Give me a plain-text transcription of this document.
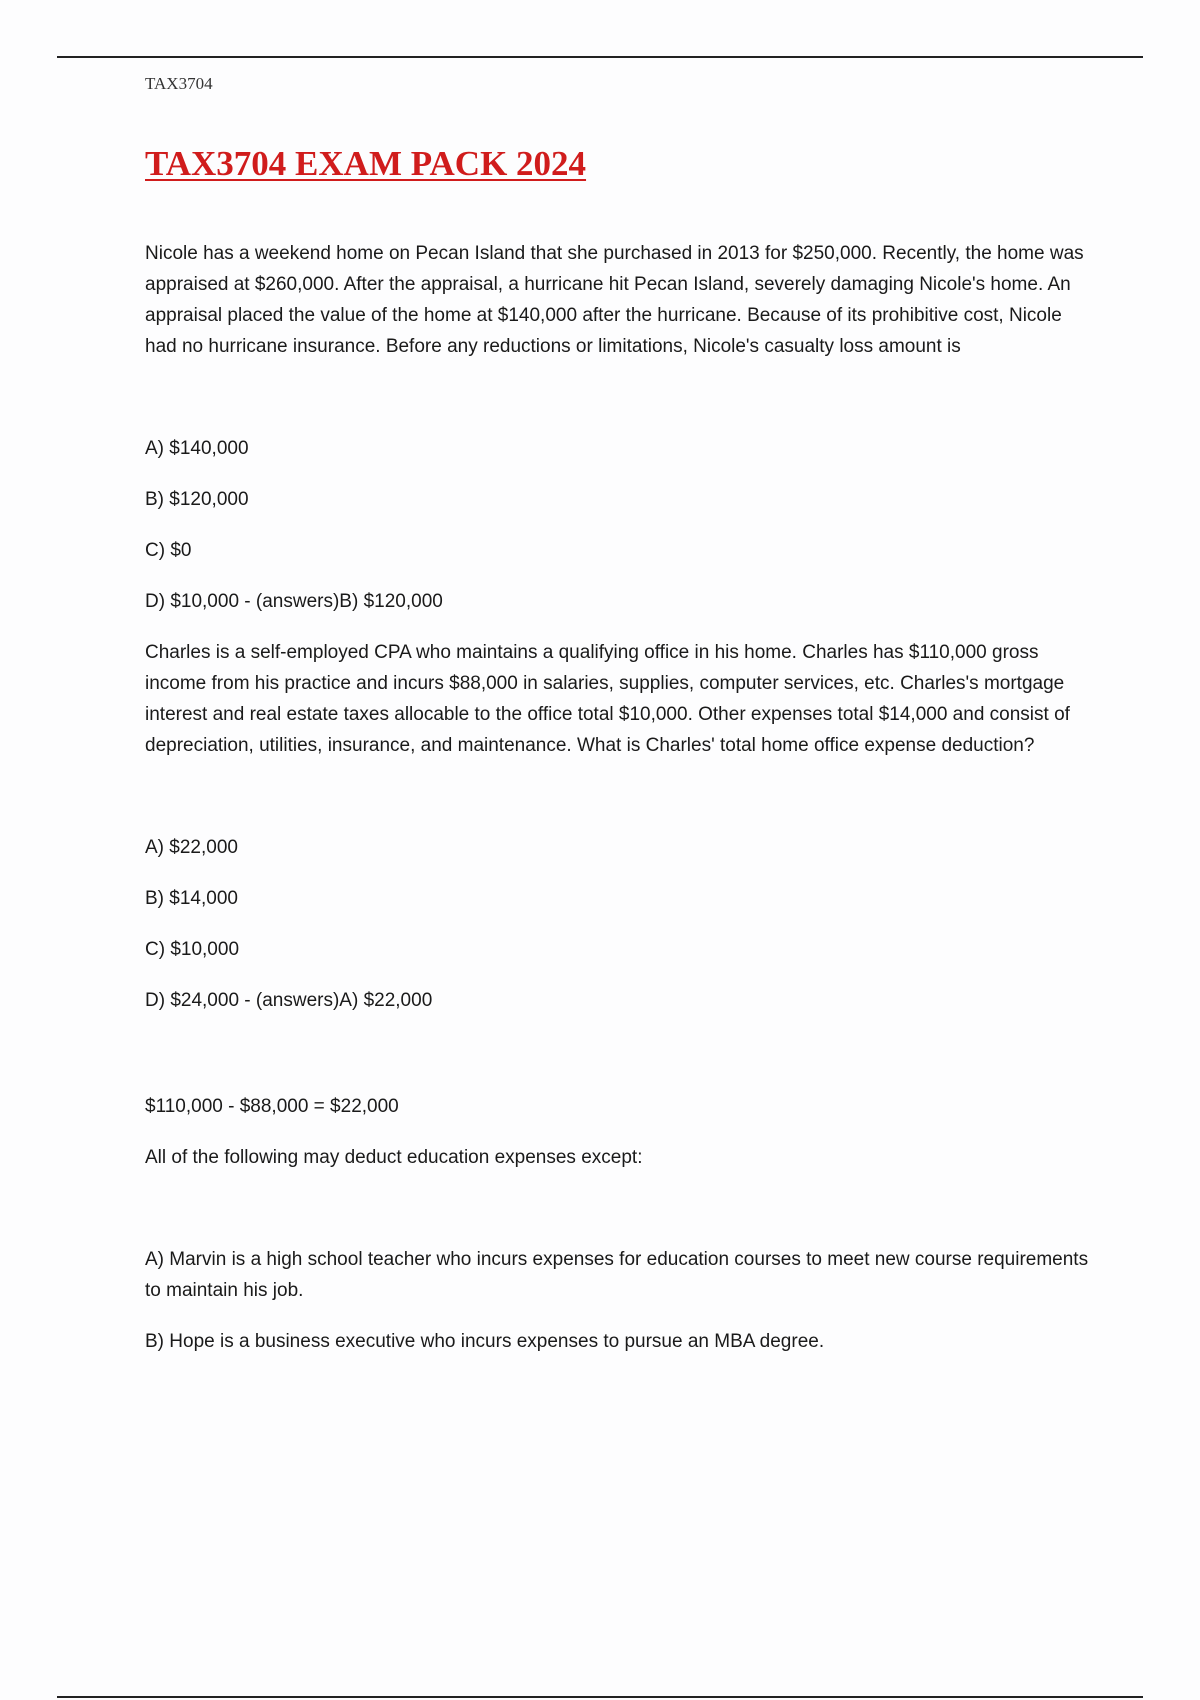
TAX3704
TAX3704 EXAM PACK 2024

Nicole has a weekend home on Pecan Island that she purchased in 2013 for $250,000. Recently, the home was appraised at $260,000. After the appraisal, a hurricane hit Pecan Island, severely damaging Nicole's home. An appraisal placed the value of the home at $140,000 after the hurricane. Because of its prohibitive cost, Nicole had no hurricane insurance. Before any reductions or limitations, Nicole's casualty loss amount is

A) $140,000

B) $120,000

C) $0

D) $10,000 - (answers)B) $120,000

Charles is a self-employed CPA who maintains a qualifying office in his home. Charles has $110,000 gross income from his practice and incurs $88,000 in salaries, supplies, computer services, etc. Charles's mortgage interest and real estate taxes allocable to the office total $10,000. Other expenses total $14,000 and consist of depreciation, utilities, insurance, and maintenance. What is Charles' total home office expense deduction?

A) $22,000

B) $14,000

C) $10,000

D) $24,000 - (answers)A) $22,000

$110,000 - $88,000 = $22,000

All of the following may deduct education expenses except:

A) Marvin is a high school teacher who incurs expenses for education courses to meet new course requirements to maintain his job.

B) Hope is a business executive who incurs expenses to pursue an MBA degree.
